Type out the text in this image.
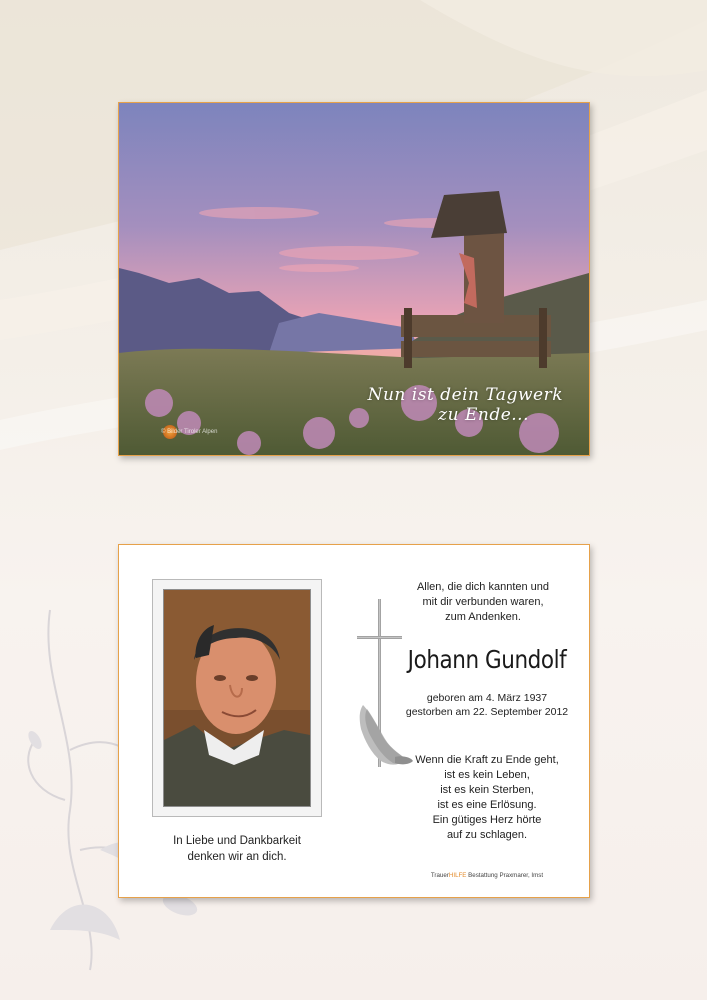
© Bilder Tiroler Alpen
Nun ist dein Tagwerk
zu Ende...
In Liebe und Dankbarkeit
denken wir an dich.
Allen, die dich kannten und
mit dir verbunden waren,
zum Andenken.
Johann Gundolf
geboren am 4. März 1937
gestorben am 22. September 2012
Wenn die Kraft zu Ende geht,
ist es kein Leben,
ist es kein Sterben,
ist es eine Erlösung.
Ein gütiges Herz hörte
auf zu schlagen.
TrauerHILFE Bestattung Praxmarer, Imst
